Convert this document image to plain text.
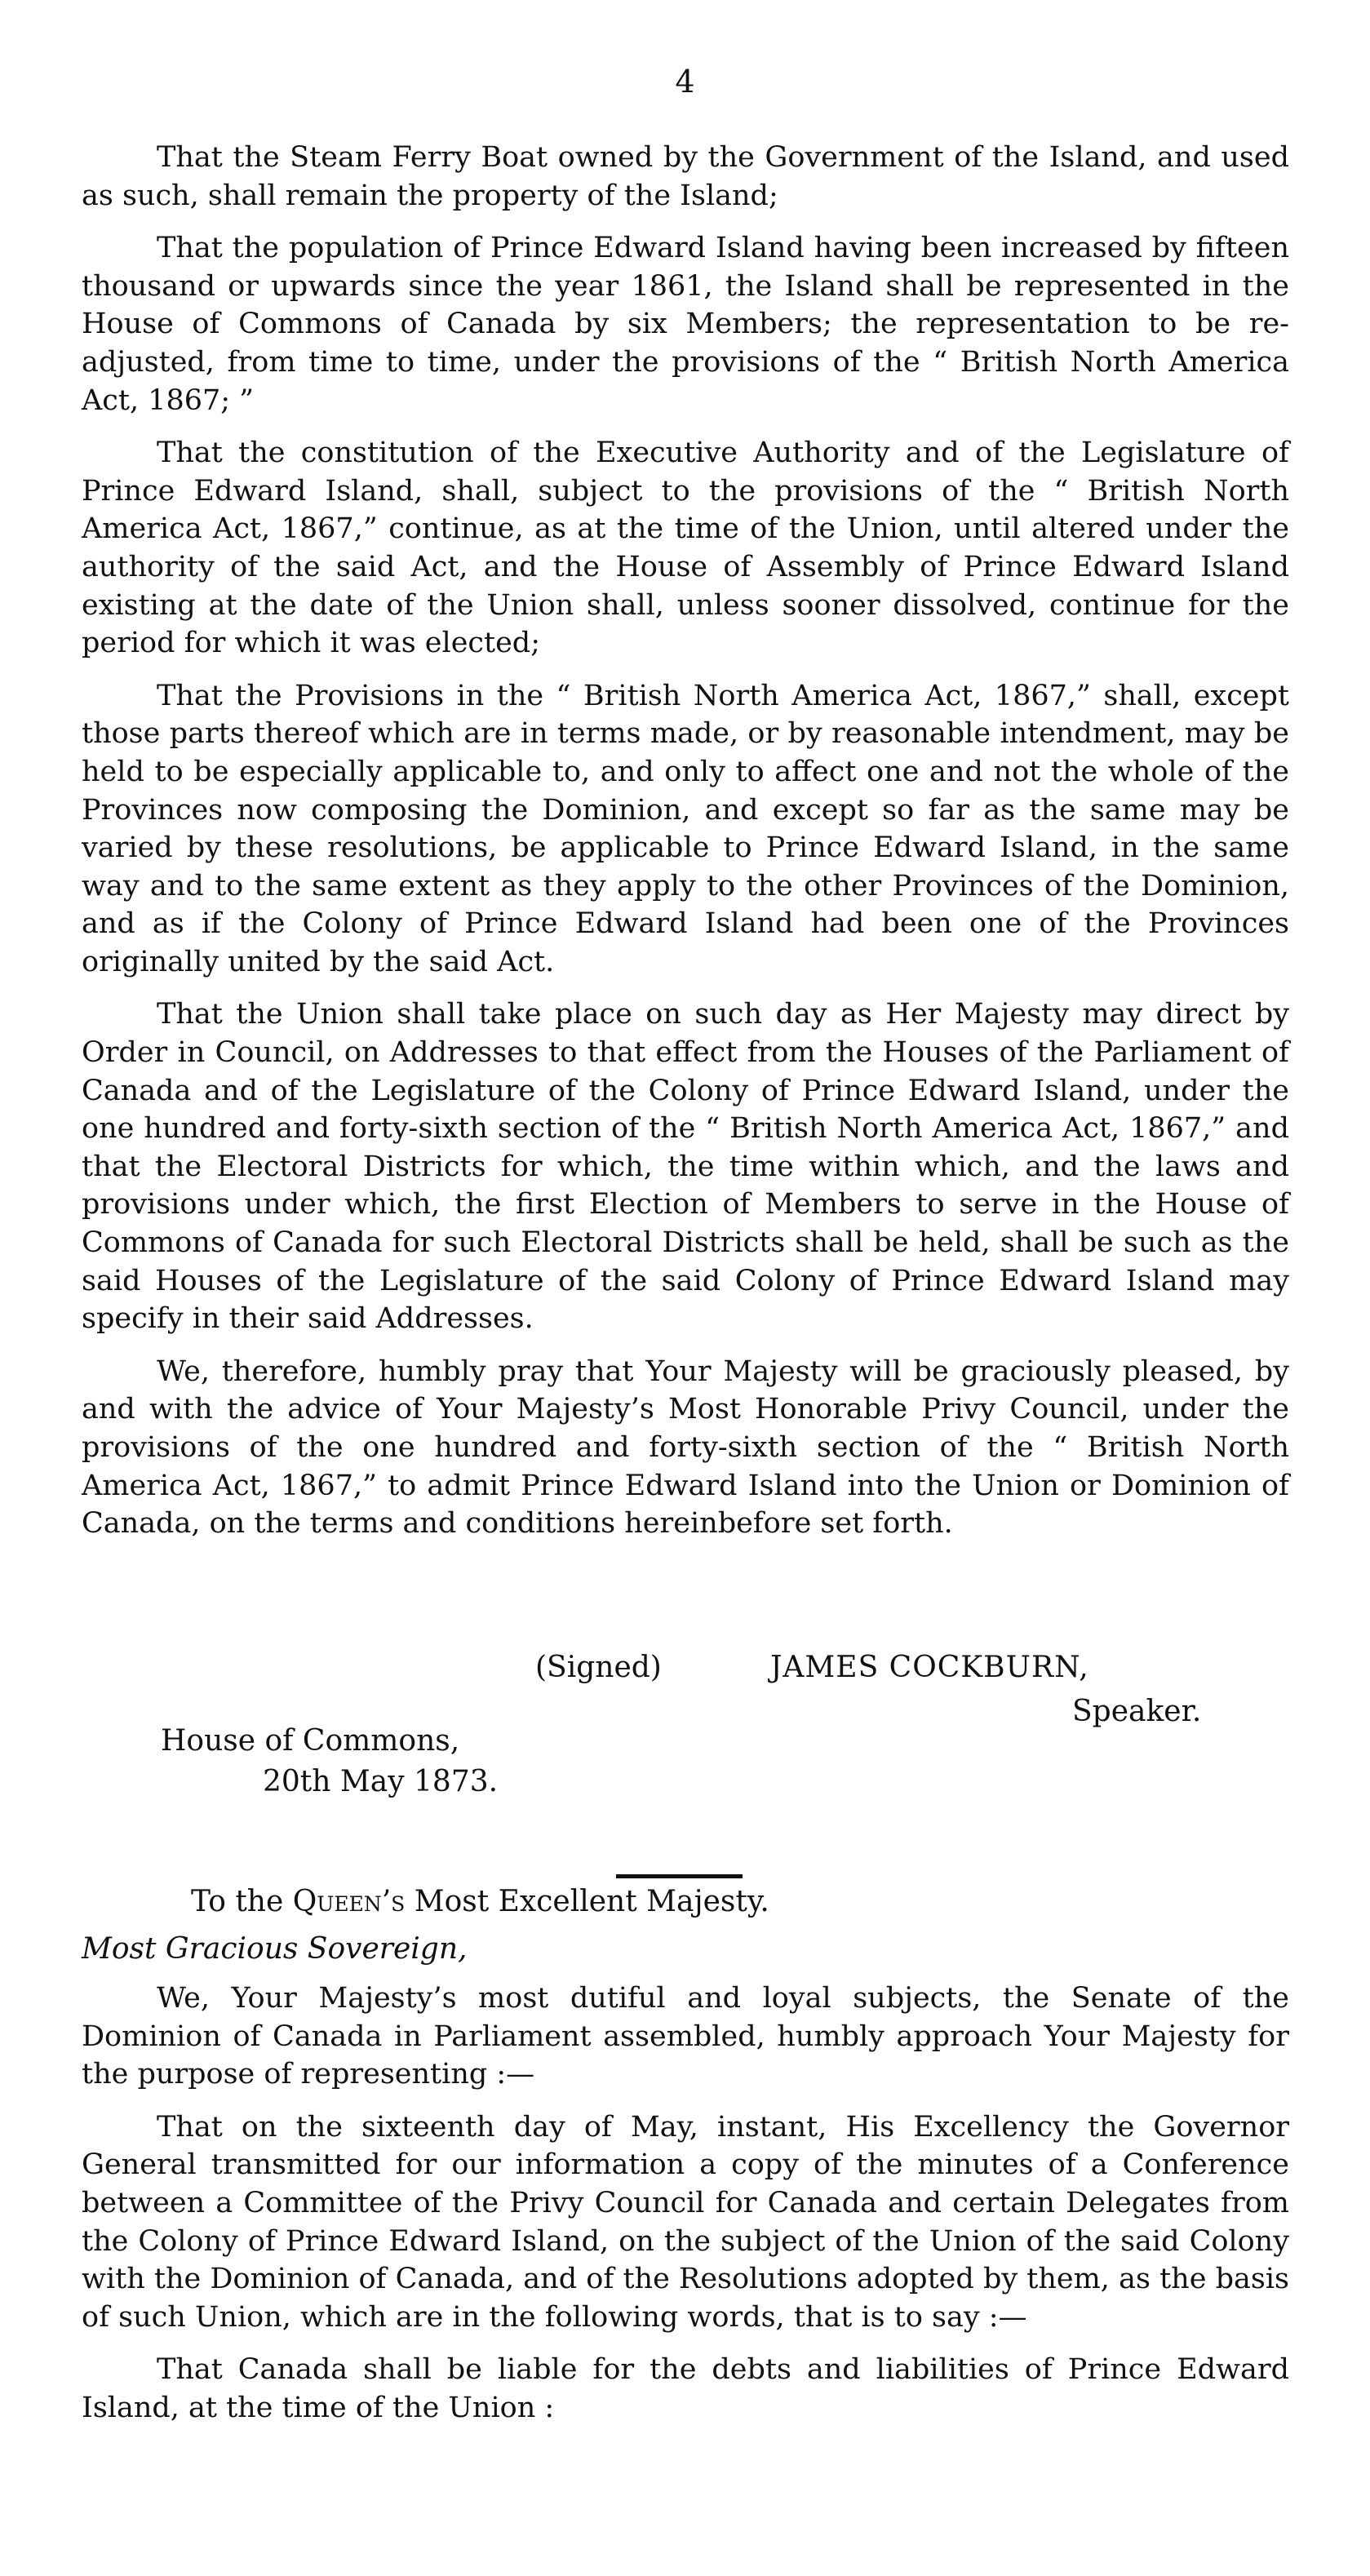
4

That the Steam Ferry Boat owned by the Government of the Island, and used as such, shall remain the property of the Island;

That the population of Prince Edward Island having been increased by fifteen thousand or upwards since the year 1861, the Island shall be represented in the House of Commons of Canada by six Members; the representation to be re-adjusted, from time to time, under the provisions of the “ British North America Act, 1867; ”

That the constitution of the Executive Authority and of the Legislature of Prince Edward Island, shall, subject to the provisions of the “ British North America Act, 1867,” continue, as at the time of the Union, until altered under the authority of the said Act, and the House of Assembly of Prince Edward Island existing at the date of the Union shall, unless sooner dissolved, continue for the period for which it was elected;

That the Provisions in the “ British North America Act, 1867,” shall, except those parts thereof which are in terms made, or by reasonable intendment, may be held to be especially applicable to, and only to affect one and not the whole of the Provinces now composing the Dominion, and except so far as the same may be varied by these resolutions, be applicable to Prince Edward Island, in the same way and to the same extent as they apply to the other Provinces of the Dominion, and as if the Colony of Prince Edward Island had been one of the Provinces originally united by the said Act.

That the Union shall take place on such day as Her Majesty may direct by Order in Council, on Addresses to that effect from the Houses of the Parliament of Canada and of the Legislature of the Colony of Prince Edward Island, under the one hundred and forty-sixth section of the “ British North America Act, 1867,” and that the Electoral Districts for which, the time within which, and the laws and provisions under which, the first Election of Members to serve in the House of Commons of Canada for such Electoral Districts shall be held, shall be such as the said Houses of the Legislature of the said Colony of Prince Edward Island may specify in their said Addresses.

We, therefore, humbly pray that Your Majesty will be graciously pleased, by and with the advice of Your Majesty’s Most Honorable Privy Council, under the provisions of the one hundred and forty-sixth section of the “ British North America Act, 1867,” to admit Prince Edward Island into the Union or Dominion of Canada, on the terms and conditions hereinbefore set forth.

(Signed)	JAMES COCKBURN,
Speaker.
House of Commons,
20th May 1873.
To the Queen’s Most Excellent Majesty.
Most Gracious Sovereign,

We, Your Majesty’s most dutiful and loyal subjects, the Senate of the Dominion of Canada in Parliament assembled, humbly approach Your Majesty for the purpose of representing :—

That on the sixteenth day of May, instant, His Excellency the Governor General transmitted for our information a copy of the minutes of a Conference between a Committee of the Privy Council for Canada and certain Delegates from the Colony of Prince Edward Island, on the subject of the Union of the said Colony with the Dominion of Canada, and of the Resolutions adopted by them, as the basis of such Union, which are in the following words, that is to say :—

That Canada shall be liable for the debts and liabilities of Prince Edward Island, at the time of the Union :
